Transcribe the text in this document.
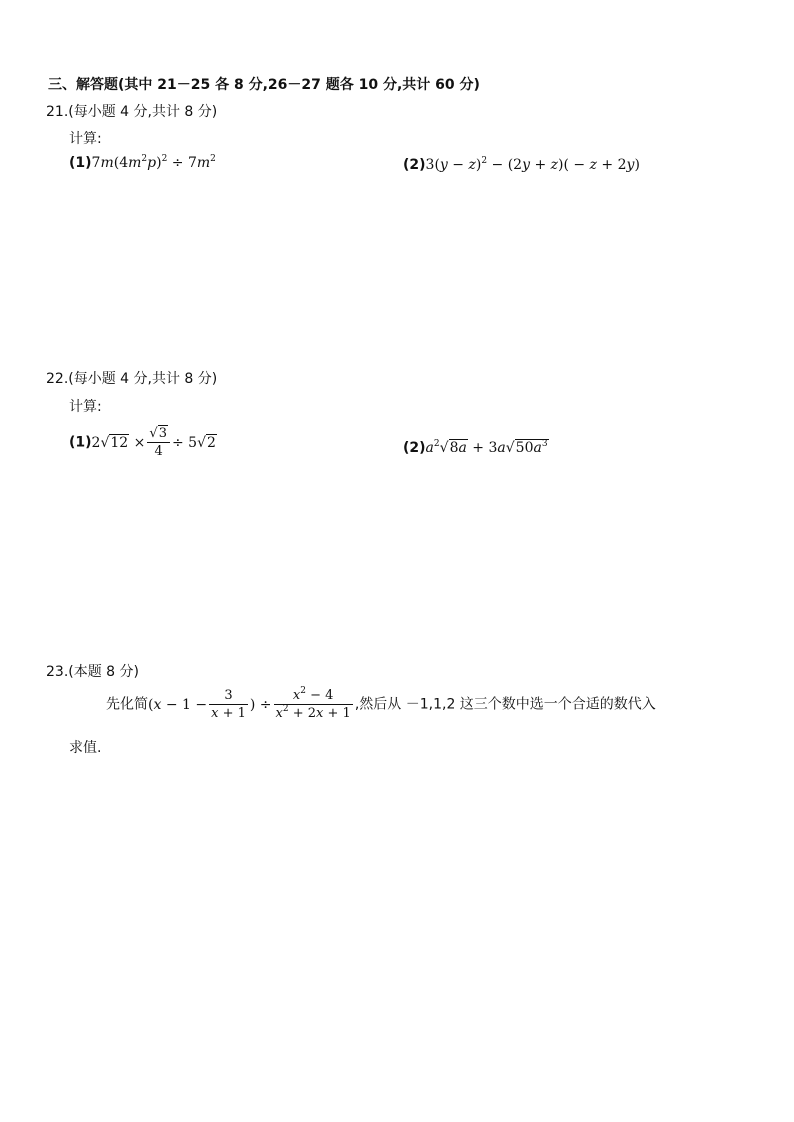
三、解答题(其中 21－25 各 8 分,26－27 题各 10 分,共计 60 分)
21.(每小题 4 分,共计 8 分)
计算:
$(1)7m(4m^2p)^2 \div 7m^2$	$(2)3(y - z)^2 - (2y + z)( - z + 2y)$
22.(每小题 4 分,共计 8 分)
计算:
$(1)2√12 \times \frac{√3}{4} \div 5√2$	$(2)a^2√8a + 3a√50a^3$
23.(本题 8 分)
先化简($x - 1 - \frac{3}{x + 1}$ ) ÷ $\frac{x^2 - 4}{x^2 + 2x + 1}$ ,然后从 －1,1,2 这三个数中选一个合适的数代入
求值.
